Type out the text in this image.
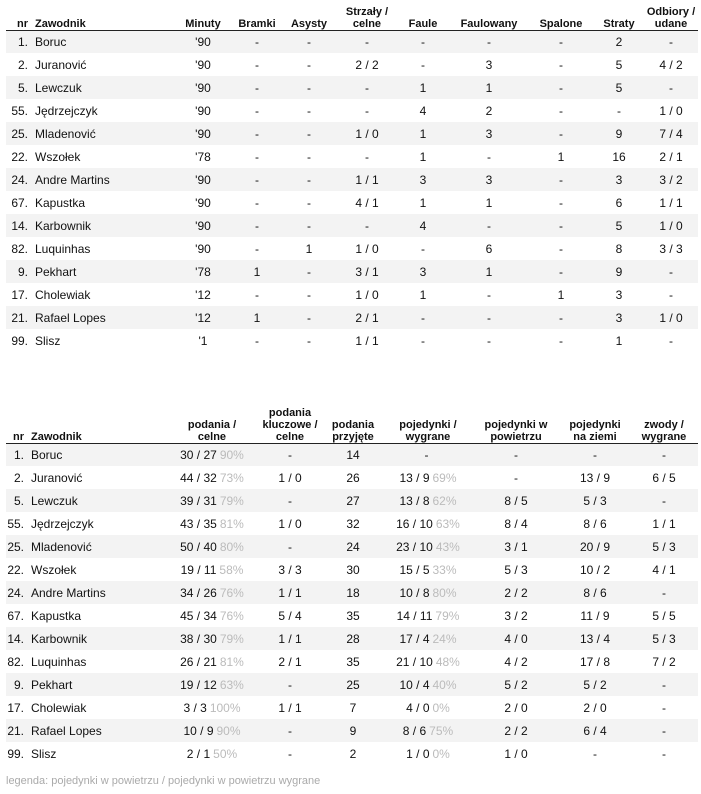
nr	Zawodnik	Minuty	Bramki	Asysty	Strzały / celne	Faule	Faulowany	Spalone	Straty	Odbiory / udane
1.	Boruc	'90	-	-	-	-	-	-	2	-
2.	Juranović	'90	-	-	2 / 2	-	3	-	5	4 / 2
5.	Lewczuk	'90	-	-	-	1	1	-	5	-
55.	Jędrzejczyk	'90	-	-	-	4	2	-	-	1 / 0
25.	Mladenović	'90	-	-	1 / 0	1	3	-	9	7 / 4
22.	Wszołek	'78	-	-	-	1	-	1	16	2 / 1
24.	Andre Martins	'90	-	-	1 / 1	3	3	-	3	3 / 2
67.	Kapustka	'90	-	-	4 / 1	1	1	-	6	1 / 1
14.	Karbownik	'90	-	-	-	4	-	-	5	1 / 0
82.	Luquinhas	'90	-	1	1 / 0	-	6	-	8	3 / 3
9.	Pekhart	'78	1	-	3 / 1	3	1	-	9	-
17.	Cholewiak	'12	-	-	1 / 0	1	-	1	3	-
21.	Rafael Lopes	'12	1	-	2 / 1	-	-	-	3	1 / 0
99.	Slisz	'1	-	-	1 / 1	-	-	-	1	-
nr	Zawodnik	podania / celne	podania kluczowe / celne	podania przyjęte	pojedynki / wygrane	pojedynki w powietrzu	pojedynki na ziemi	zwody / wygrane
1.	Boruc	30 / 27 90%	-	14	-	-	-	-
2.	Juranović	44 / 32 73%	1 / 0	26	13 / 9 69%	-	13 / 9	6 / 5
5.	Lewczuk	39 / 31 79%	-	27	13 / 8 62%	8 / 5	5 / 3	-
55.	Jędrzejczyk	43 / 35 81%	1 / 0	32	16 / 10 63%	8 / 4	8 / 6	1 / 1
25.	Mladenović	50 / 40 80%	-	24	23 / 10 43%	3 / 1	20 / 9	5 / 3
22.	Wszołek	19 / 11 58%	3 / 3	30	15 / 5 33%	5 / 3	10 / 2	4 / 1
24.	Andre Martins	34 / 26 76%	1 / 1	18	10 / 8 80%	2 / 2	8 / 6	-
67.	Kapustka	45 / 34 76%	5 / 4	35	14 / 11 79%	3 / 2	11 / 9	5 / 5
14.	Karbownik	38 / 30 79%	1 / 1	28	17 / 4 24%	4 / 0	13 / 4	5 / 3
82.	Luquinhas	26 / 21 81%	2 / 1	35	21 / 10 48%	4 / 2	17 / 8	7 / 2
9.	Pekhart	19 / 12 63%	-	25	10 / 4 40%	5 / 2	5 / 2	-
17.	Cholewiak	3 / 3 100%	1 / 1	7	4 / 0 0%	2 / 0	2 / 0	-
21.	Rafael Lopes	10 / 9 90%	-	9	8 / 6 75%	2 / 2	6 / 4	-
99.	Slisz	2 / 1 50%	-	2	1 / 0 0%	1 / 0	-	-
legenda: pojedynki w powietrzu / pojedynki w powietrzu wygrane
